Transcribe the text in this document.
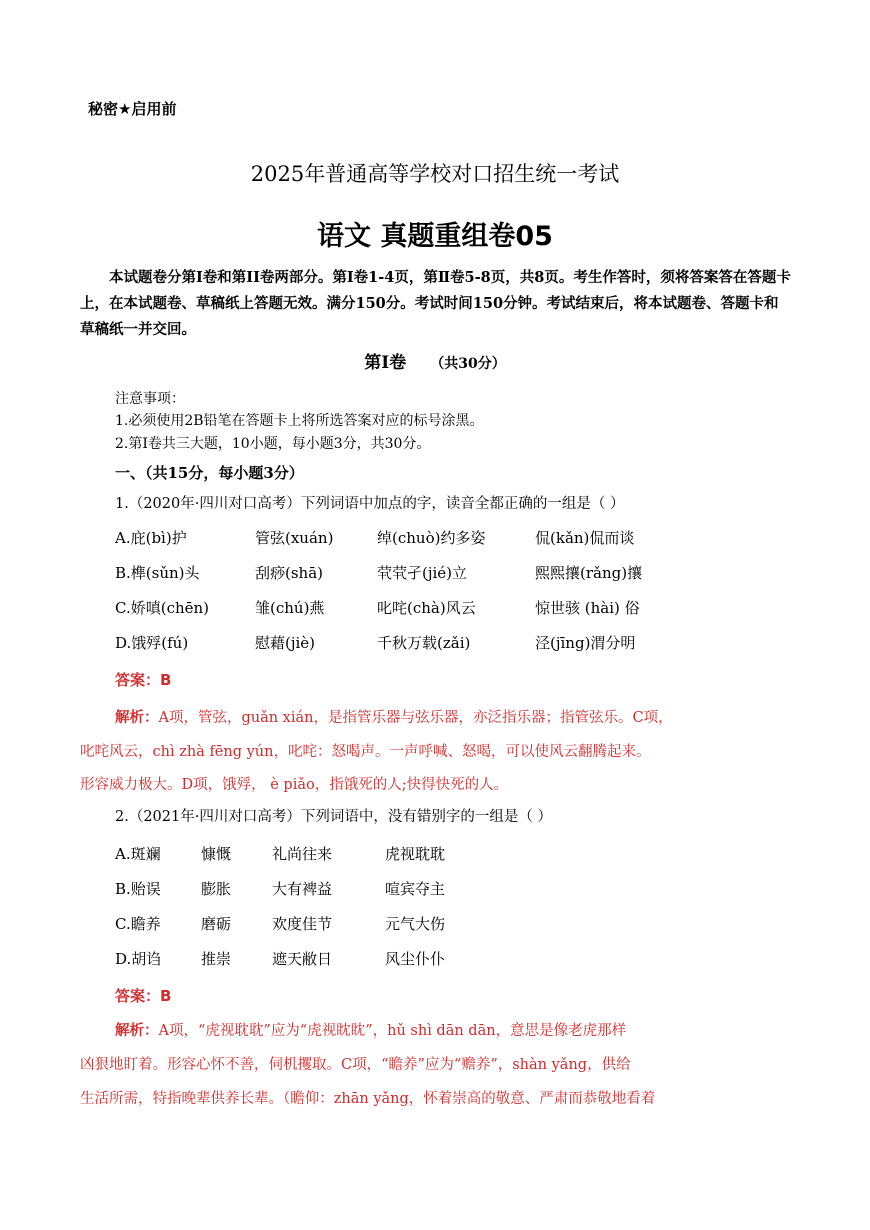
秘密★启用前
2025年普通高等学校对口招生统一考试
语文 真题重组卷05
本试题卷分第Ⅰ卷和第ⅠⅠ卷两部分。第Ⅰ卷1-4页，第Ⅱ卷5-8页，共8页。考生作答时，须将答案答在答题卡上，在本试题卷、草稿纸上答题无效。满分150分。考试时间150分钟。考试结束后，将本试题卷、答题卡和草稿纸一并交回。
第Ⅰ卷 （共30分）
注意事项：
1.必须使用2B铅笔在答题卡上将所选答案对应的标号涂黑。
2.第Ⅰ卷共三大题，10小题，每小题3分，共30分。
一、（共15分，每小题3分）
1.（2020年·四川对口高考）下列词语中加点的字，读音全都正确的一组是（ ）
A.庇(bì)护	管弦(xuán)	绰(chuò)约多姿	侃(kǎn)侃而谈
B.榫(sǔn)头	刮痧(shā)	茕茕孑(jié)立	熙熙攘(rǎng)攘
C.娇嗔(chēn)	雏(chú)燕	叱咤(chà)风云	惊世骇 (hài) 俗
D.饿殍(fú)	慰藉(jiè)	千秋万载(zǎi)	泾(jīng)渭分明
答案：B
解析：A项，管弦，guǎn xián，是指管乐器与弦乐器，亦泛指乐器；指管弦乐。C项，
叱咤风云，chì zhà fēng yún，叱咤：怒喝声。一声呼喊、怒喝，可以使风云翻腾起来。
形容威力极大。D项，饿殍， è piǎo，指饿死的人;快得快死的人。
2.（2021年·四川对口高考）下列词语中，没有错别字的一组是（ ）
A.斑斓	慷慨	礼尚往来	虎视耽耽
B.贻误	膨胀	大有裨益	喧宾夺主
C.瞻养	磨砺	欢度佳节	元气大伤
D.胡诌	推崇	遮天敝日	风尘仆仆
答案：B
解析：A项，“虎视耽耽”应为“虎视眈眈”，hǔ shì dān dān，意思是像老虎那样
凶狠地盯着。形容心怀不善，伺机攫取。C项，“瞻养”应为“赡养”，shàn yǎng，供给
生活所需，特指晚辈供养长辈。（瞻仰：zhān yǎng，怀着崇高的敬意、严肃而恭敬地看着
